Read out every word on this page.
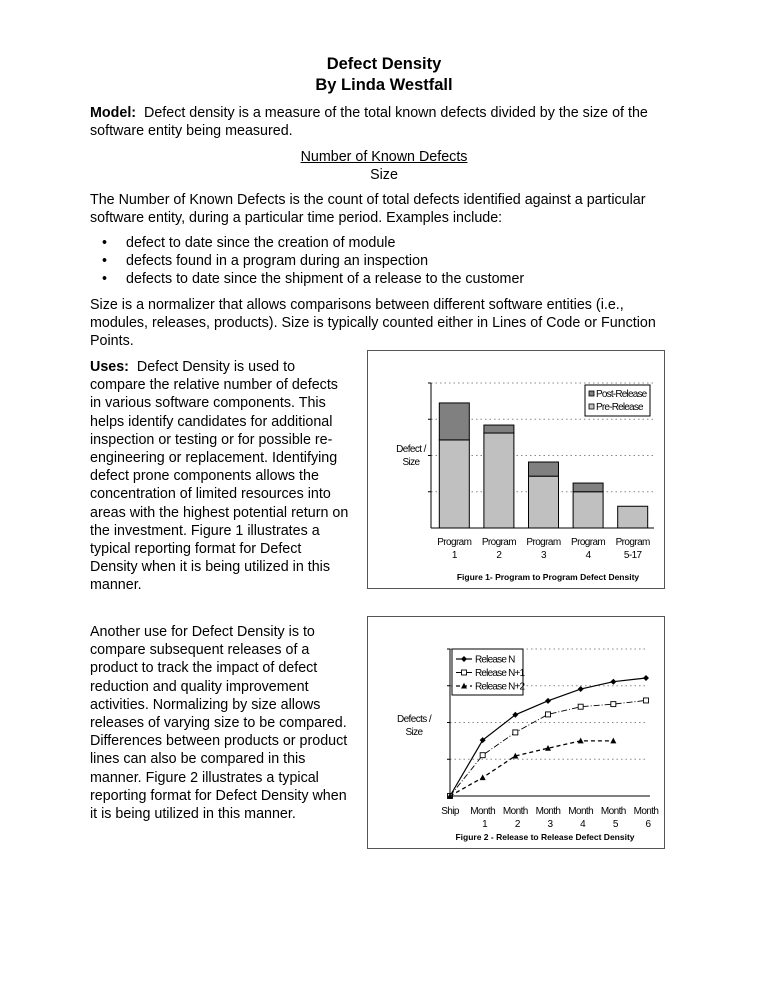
Defect Density
By Linda Westfall
Model:  Defect density is a measure of the total known defects divided by the size of the
software entity being measured.
Number of Known Defects
Size
The Number of Known Defects is the count of total defects identified against a particular
software entity, during a particular time period. Examples include:
• defect to date since the creation of module
• defects found in a program during an inspection
• defects to date since the shipment of a release to the customer
Size is a normalizer that allows comparisons between different software entities (i.e.,
modules, releases, products). Size is typically counted either in Lines of Code or Function
Points.
Uses:  Defect Density is used to
compare the relative number of defects
in various software components. This
helps identify candidates for additional
inspection or testing or for possible re-
engineering or replacement. Identifying
defect prone components allows the
concentration of limited resources into
areas with the highest potential return on
the investment. Figure 1 illustrates a
typical reporting format for Defect
Density when it is being utilized in this
manner.
Another use for Defect Density is to
compare subsequent releases of a
product to track the impact of defect
reduction and quality improvement
activities. Normalizing by size allows
releases of varying size to be compared.
Differences between products or product
lines can also be compared in this
manner. Figure 2 illustrates a typical
reporting format for Defect Density when
it is being utilized in this manner.
Program
1
Program
2
Program
3
Program
4
Program
5-17
Defect /
Size
Post-Release
Pre-Release
Figure 1- Program to Program Defect Density
Ship Month
1
Month
2
Month
3
Month
4
Month
5
Month
6
Defects /
Size
Release N
Release N+1
Release N+2
Figure 2 - Release to Release Defect Density
